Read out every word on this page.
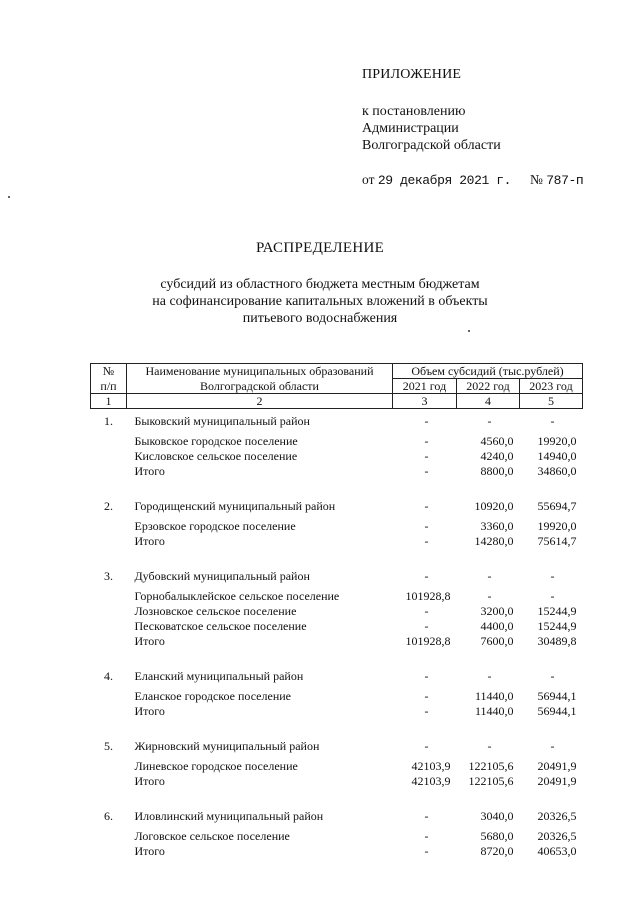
ПРИЛОЖЕНИЕ
к постановлению
Администрации
Волгоградской области
от 29 декабря 2021 г. № 787-п
РАСПРЕДЕЛЕНИЕ
субсидий из областного бюджета местным бюджетам
на софинансирование капитальных вложений в объекты
питьевого водоснабжения
№	Наименование муниципальных образований	Объем субсидий (тыс.рублей)		
п/п	Волгоградской области	2021 год	2022 год	2023 год
1	2	3	4	5

1.	Быковский муниципальный район	-	-	-

	Быковское городское поселение	-	4560,0	19920,0
	Кисловское сельское поселение	-	4240,0	14940,0
	Итого	-	8800,0	34860,0

2.	Городищенский муниципальный район	-	10920,0	55694,7

	Ерзовское городское поселение	-	3360,0	19920,0
	Итого	-	14280,0	75614,7

3.	Дубовский муниципальный район	-	-	-

	Горнобалыклейское сельское поселение	101928,8	-	-
	Лозновское сельское поселение	-	3200,0	15244,9
	Песковатское сельское поселение	-	4400,0	15244,9
	Итого	101928,8	7600,0	30489,8

4.	Еланский муниципальный район	-	-	-

	Еланское городское поселение	-	11440,0	56944,1
	Итого	-	11440,0	56944,1

5.	Жирновский муниципальный район	-	-	-

	Линевское городское поселение	42103,9	122105,6	20491,9
	Итого	42103,9	122105,6	20491,9

6.	Иловлинский муниципальный район	-	3040,0	20326,5

	Логовское сельское поселение	-	5680,0	20326,5
	Итого	-	8720,0	40653,0
